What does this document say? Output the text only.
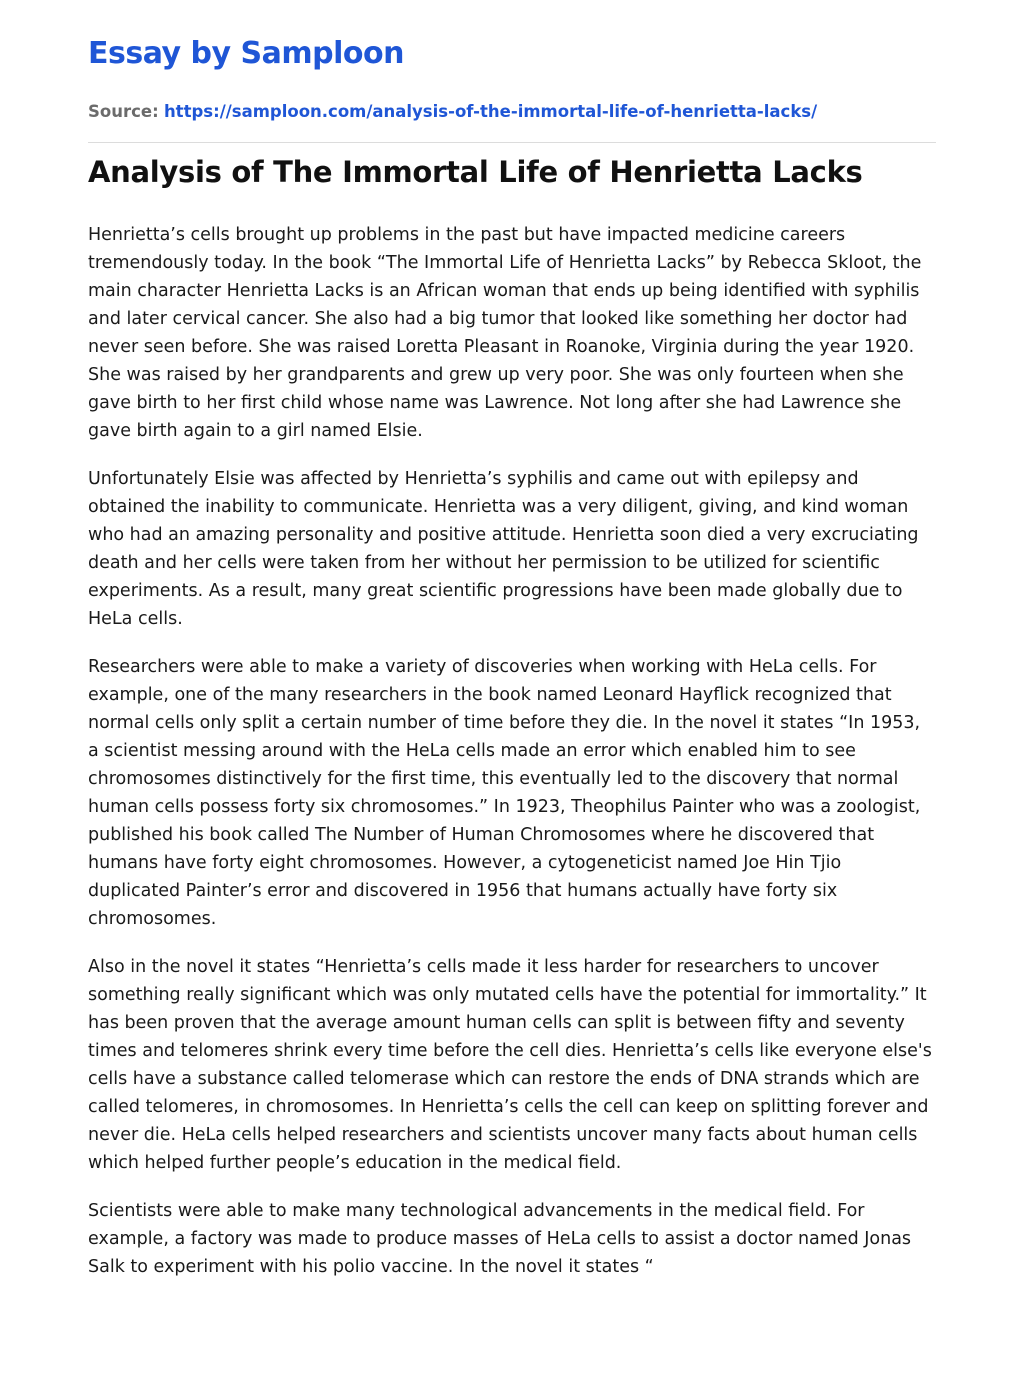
Essay by Samploon
Source: https://samploon.com/analysis-of-the-immortal-life-of-henrietta-lacks/
Analysis of The Immortal Life of Henrietta Lacks

Henrietta’s cells brought up problems in the past but have impacted medicine careers tremendously today. In the book “The Immortal Life of Henrietta Lacks” by Rebecca Skloot, the main character Henrietta Lacks is an African woman that ends up being identified with syphilis and later cervical cancer. She also had a big tumor that looked like something her doctor had never seen before. She was raised Loretta Pleasant in Roanoke, Virginia during the year 1920. She was raised by her grandparents and grew up very poor. She was only fourteen when she gave birth to her first child whose name was Lawrence. Not long after she had Lawrence she gave birth again to a girl named Elsie.

Unfortunately Elsie was affected by Henrietta’s syphilis and came out with epilepsy and obtained the inability to communicate. Henrietta was a very diligent, giving, and kind woman who had an amazing personality and positive attitude. Henrietta soon died a very excruciating death and her cells were taken from her without her permission to be utilized for scientific experiments. As a result, many great scientific progressions have been made globally due to HeLa cells.

Researchers were able to make a variety of discoveries when working with HeLa cells. For example, one of the many researchers in the book named Leonard Hayflick recognized that normal cells only split a certain number of time before they die. In the novel it states “In 1953, a scientist messing around with the HeLa cells made an error which enabled him to see chromosomes distinctively for the first time, this eventually led to the discovery that normal human cells possess forty six chromosomes.” In 1923, Theophilus Painter who was a zoologist, published his book called The Number of Human Chromosomes where he discovered that humans have forty eight chromosomes. However, a cytogeneticist named Joe Hin Tjio duplicated Painter’s error and discovered in 1956 that humans actually have forty six chromosomes.

Also in the novel it states “Henrietta’s cells made it less harder for researchers to uncover something really significant which was only mutated cells have the potential for immortality.” It has been proven that the average amount human cells can split is between fifty and seventy times and telomeres shrink every time before the cell dies. Henrietta’s cells like everyone else's cells have a substance called telomerase which can restore the ends of DNA strands which are called telomeres, in chromosomes. In Henrietta’s cells the cell can keep on splitting forever and never die. HeLa cells helped researchers and scientists uncover many facts about human cells which helped further people’s education in the medical field.

Scientists were able to make many technological advancements in the medical field. For example, a factory was made to produce masses of HeLa cells to assist a doctor named Jonas Salk to experiment with his polio vaccine. In the novel it states “
